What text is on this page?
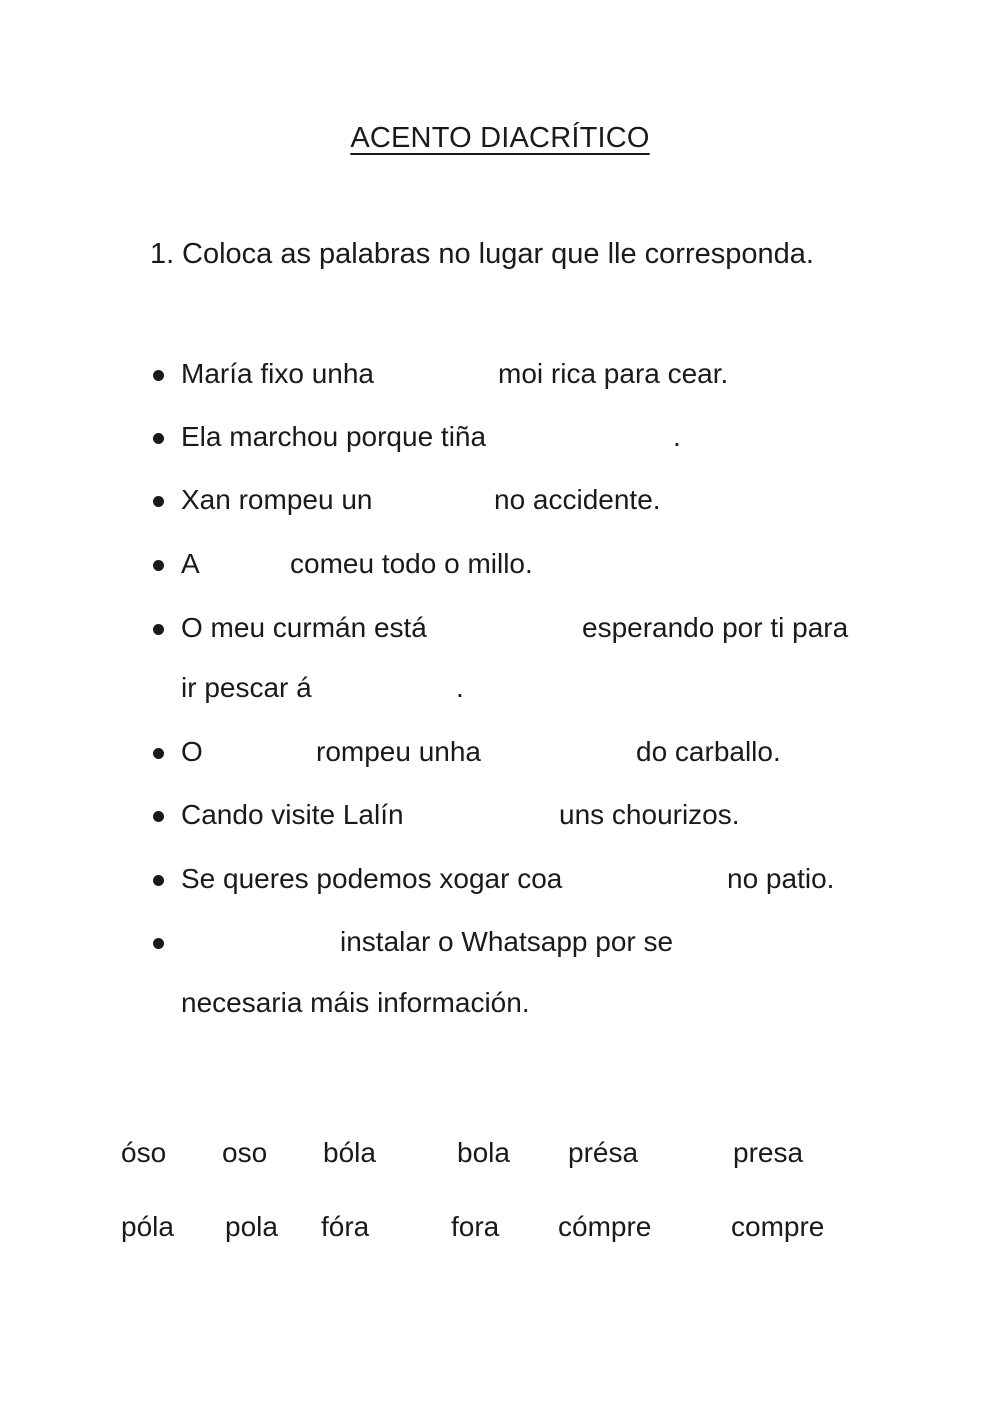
ACENTO DIACRÍTICO
1. Coloca as palabras no lugar que lle corresponda.
María fixo unha	moi rica para cear.
Ela marchou porque tiña	.
Xan rompeu un	no accidente.
A	comeu todo o millo.
O meu curmán está	esperando por ti para
ir pescar á	.
O	rompeu unha	do carballo.
Cando visite Lalín	uns chourizos.
Se queres podemos xogar coa	no patio.
instalar o Whatsapp por se
necesaria máis información.
óso oso bóla	bola présa	presa
póla pola fóra	fora cómpre	compre
